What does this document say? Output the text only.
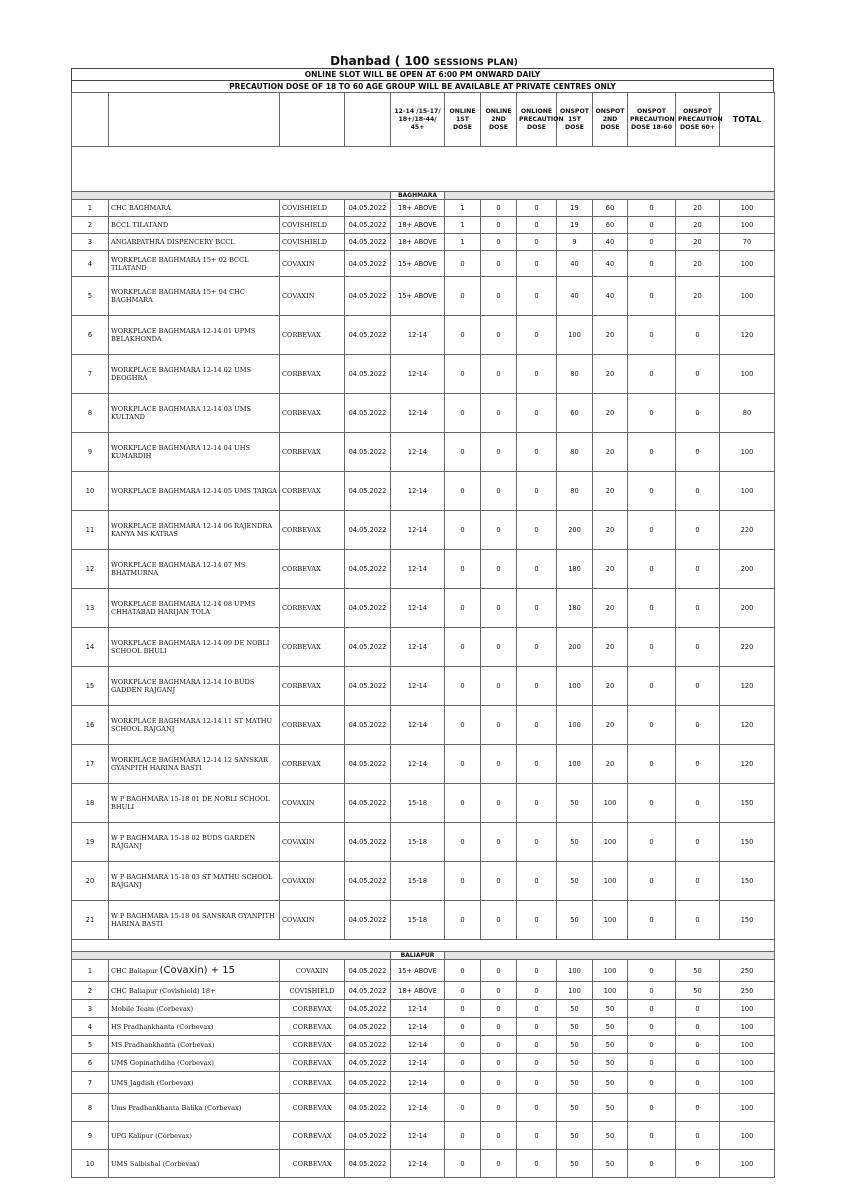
Dhanbad ( 100 SESSIONS PLAN)
ONLINE SLOT WILL BE OPEN AT 6:00 PM ONWARD DAILY
PRECAUTION DOSE OF 18 TO 60 AGE GROUP WILL BE AVAILABLE AT PRIVATE CENTRES ONLY
				12-14 /15-17/ 18+/18-44/ 45+	ONLINE 1ST DOSE	ONLINE 2ND DOSE	ONLIONE PRECAUTION DOSE	ONSPOT 1ST DOSE	ONSPOT 2ND DOSE	ONSPOT PRECAUTION DOSE 18-60	ONSPOT PRECAUTION DOSE 60+	TOTAL

				BAGHMARA								
1	CHC BAGHMARA	COVISHIELD	04.05.2022	18+ ABOVE	1	0	0	19	60	0	20	100
2	BCCL TILATAND	COVISHIELD	04.05.2022	18+ ABOVE	1	0	0	19	60	0	20	100
3	ANGARPATHRA DISPENCERY BCCL	COVISHIELD	04.05.2022	18+ ABOVE	1	0	0	9	40	0	20	70
4	WORKPLACE BAGHMARA 15+ 02 BCCL TILATAND	COVAXIN	04.05.2022	15+ ABOVE	0	0	0	40	40	0	20	100
5	WORKPLACE BAGHMARA 15+ 04 CHC BAGHMARA	COVAXIN	04.05.2022	15+ ABOVE	0	0	0	40	40	0	20	100
6	WORKPLACE BAGHMARA 12-14 01 UPMS BELAKHONDA	CORBEVAX	04.05.2022	12-14	0	0	0	100	20	0	0	120
7	WORKPLACE BAGHMARA 12-14 02 UMS DEOGHRA	CORBEVAX	04.05.2022	12-14	0	0	0	80	20	0	0	100
8	WORKPLACE BAGHMARA 12-14 03 UMS KULTAND	CORBEVAX	04.05.2022	12-14	0	0	0	60	20	0	0	80
9	WORKPLACE BAGHMARA 12-14 04 UHS KUMARDIH	CORBEVAX	04.05.2022	12-14	0	0	0	80	20	0	0	100
10	WORKPLACE BAGHMARA 12-14 05 UMS TARGA	CORBEVAX	04.05.2022	12-14	0	0	0	80	20	0	0	100
11	WORKPLACE BAGHMARA 12-14 06 RAJENDRA KANYA MS KATRAS	CORBEVAX	04.05.2022	12-14	0	0	0	200	20	0	0	220
12	WORKPLACE BAGHMARA 12-14 07 MS BHATMURNA	CORBEVAX	04.05.2022	12-14	0	0	0	180	20	0	0	200
13	WORKPLACE BAGHMARA 12-14 08 UPMS CHHATABAD HARIJAN TOLA	CORBEVAX	04.05.2022	12-14	0	0	0	180	20	0	0	200
14	WORKPLACE BAGHMARA 12-14 09 DE NOBLI SCHOOL BHULI	CORBEVAX	04.05.2022	12-14	0	0	0	200	20	0	0	220
15	WORKPLACE BAGHMARA 12-14 10 BUDS GADDEN RAJGANJ	CORBEVAX	04.05.2022	12-14	0	0	0	100	20	0	0	120
16	WORKPLACE BAGHMARA 12-14 11 ST MATHU SCHOOL RAJGANJ	CORBEVAX	04.05.2022	12-14	0	0	0	100	20	0	0	120
17	WORKPLACE BAGHMARA 12-14 12 SANSKAR GYANPITH HARINA BASTI	CORBEVAX	04.05.2022	12-14	0	0	0	100	20	0	0	120
18	W P BAGHMARA 15-18 01 DE NOBLI SCHOOL BHULI	COVAXIN	04.05.2022	15-18	0	0	0	50	100	0	0	150
19	W P BAGHMARA 15-18 02 BUDS GARDEN RAJGANJ	COVAXIN	04.05.2022	15-18	0	0	0	50	100	0	0	150
20	W P BAGHMARA 15-18 03 ST MATHU SCHOOL RAJGANJ	COVAXIN	04.05.2022	15-18	0	0	0	50	100	0	0	150
21	W P BAGHMARA 15-18 04 SANSKAR GYANPITH HARINA BASTI	COVAXIN	04.05.2022	15-18	0	0	0	50	100	0	0	150

				BALIAPUR								
1	CHC Baliapur (Covaxin) + 15	COVAXIN	04.05.2022	15+ ABOVE	0	0	0	100	100	0	50	250
2	CHC Baliapur (Covishield) 18+	COVISHIELD	04.05.2022	18+ ABOVE	0	0	0	100	100	0	50	250
3	Mobile Team (Corbevax)	CORBEVAX	04.05.2022	12-14	0	0	0	50	50	0	0	100
4	HS Pradhankhanta (Corbevax)	CORBEVAX	04.05.2022	12-14	0	0	0	50	50	0	0	100
5	MS Pradhankhanta (Corbevax)	CORBEVAX	04.05.2022	12-14	0	0	0	50	50	0	0	100
6	UMS Gopinathdiha (Corbevax)	CORBEVAX	04.05.2022	12-14	0	0	0	50	50	0	0	100
7	UMS Jagdish (Corbevax)	CORBEVAX	04.05.2022	12-14	0	0	0	50	50	0	0	100
8	Ums Pradhankhanta Balika (Corbevax)	CORBEVAX	04.05.2022	12-14	0	0	0	50	50	0	0	100
9	UPG Kalipur (Corbevax)	CORBEVAX	04.05.2022	12-14	0	0	0	50	50	0	0	100
10	UMS Salbishal (Corbevax)	CORBEVAX	04.05.2022	12-14	0	0	0	50	50	0	0	100
